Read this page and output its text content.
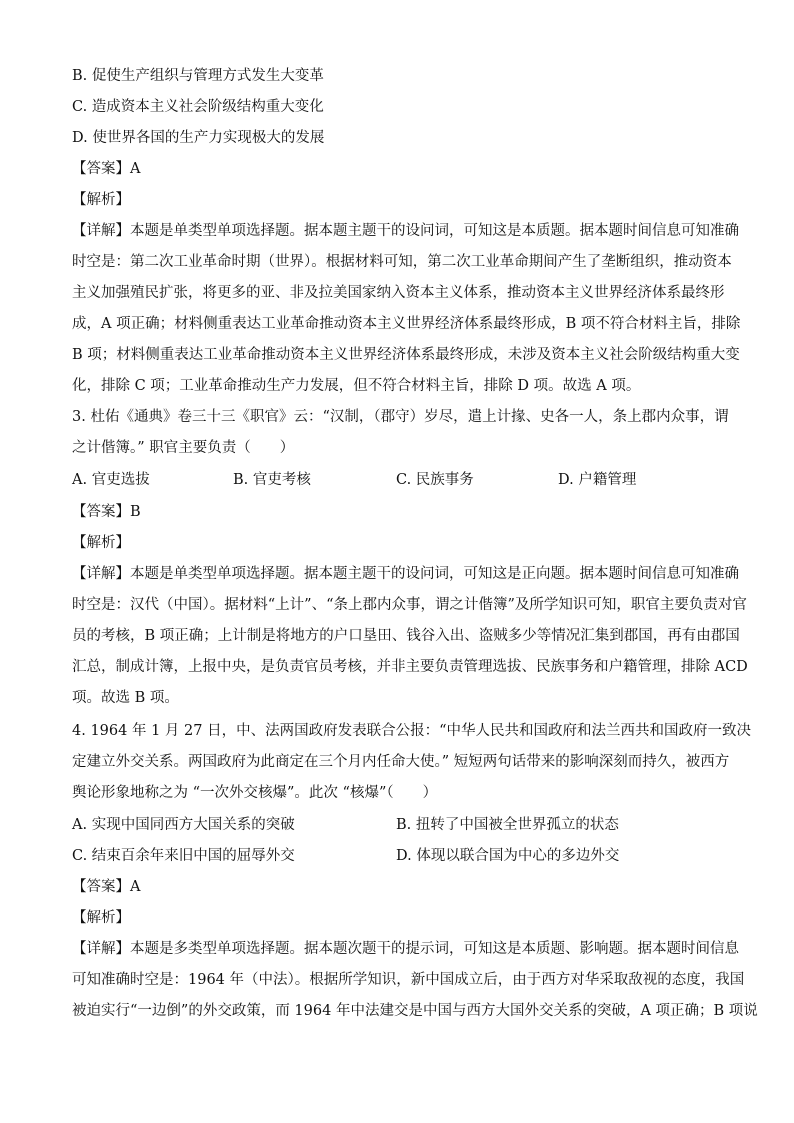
B. 促使生产组织与管理方式发生大变革
C. 造成资本主义社会阶级结构重大变化
D. 使世界各国的生产力实现极大的发展
【答案】A
【解析】
【详解】本题是单类型单项选择题。据本题主题干的设问词，可知这是本质题。据本题时间信息可知准确
时空是：第二次工业革命时期（世界）。根据材料可知，第二次工业革命期间产生了垄断组织，推动资本
主义加强殖民扩张，将更多的亚、非及拉美国家纳入资本主义体系，推动资本主义世界经济体系最终形
成，A 项正确；材料侧重表达工业革命推动资本主义世界经济体系最终形成，B 项不符合材料主旨，排除
B 项；材料侧重表达工业革命推动资本主义世界经济体系最终形成，未涉及资本主义社会阶级结构重大变
化，排除 C 项；工业革命推动生产力发展，但不符合材料主旨，排除 D 项。故选 A 项。
3. 杜佑《通典》卷三十三《职官》云：“汉制，（郡守）岁尽，遣上计掾、史各一人，条上郡内众事，谓
之计偕簿。” 职官主要负责（　　）
A. 官吏选拔	B. 官吏考核	C. 民族事务	D. 户籍管理
【答案】B
【解析】
【详解】本题是单类型单项选择题。据本题主题干的设问词，可知这是正向题。据本题时间信息可知准确
时空是：汉代（中国）。据材料“上计”、“条上郡内众事，谓之计偕簿”及所学知识可知，职官主要负责对官
员的考核，B 项正确；上计制是将地方的户口垦田、钱谷入出、盗贼多少等情况汇集到郡国，再有由郡国
汇总，制成计簿，上报中央，是负责官员考核，并非主要负责管理选拔、民族事务和户籍管理，排除 ACD
项。故选 B 项。
4. 1964 年 1 月 27 日，中、法两国政府发表联合公报：“中华人民共和国政府和法兰西共和国政府一致决
定建立外交关系。两国政府为此商定在三个月内任命大使。” 短短两句话带来的影响深刻而持久，被西方
舆论形象地称之为 “一次外交核爆”。此次 “核爆”（　　）
A. 实现中国同西方大国关系的突破	B. 扭转了中国被全世界孤立的状态
C. 结束百余年来旧中国的屈辱外交	D. 体现以联合国为中心的多边外交
【答案】A
【解析】
【详解】本题是多类型单项选择题。据本题次题干的提示词，可知这是本质题、影响题。据本题时间信息
可知准确时空是：1964 年（中法）。根据所学知识，新中国成立后，由于西方对华采取敌视的态度，我国
被迫实行“一边倒”的外交政策，而 1964 年中法建交是中国与西方大国外交关系的突破，A 项正确；B 项说
